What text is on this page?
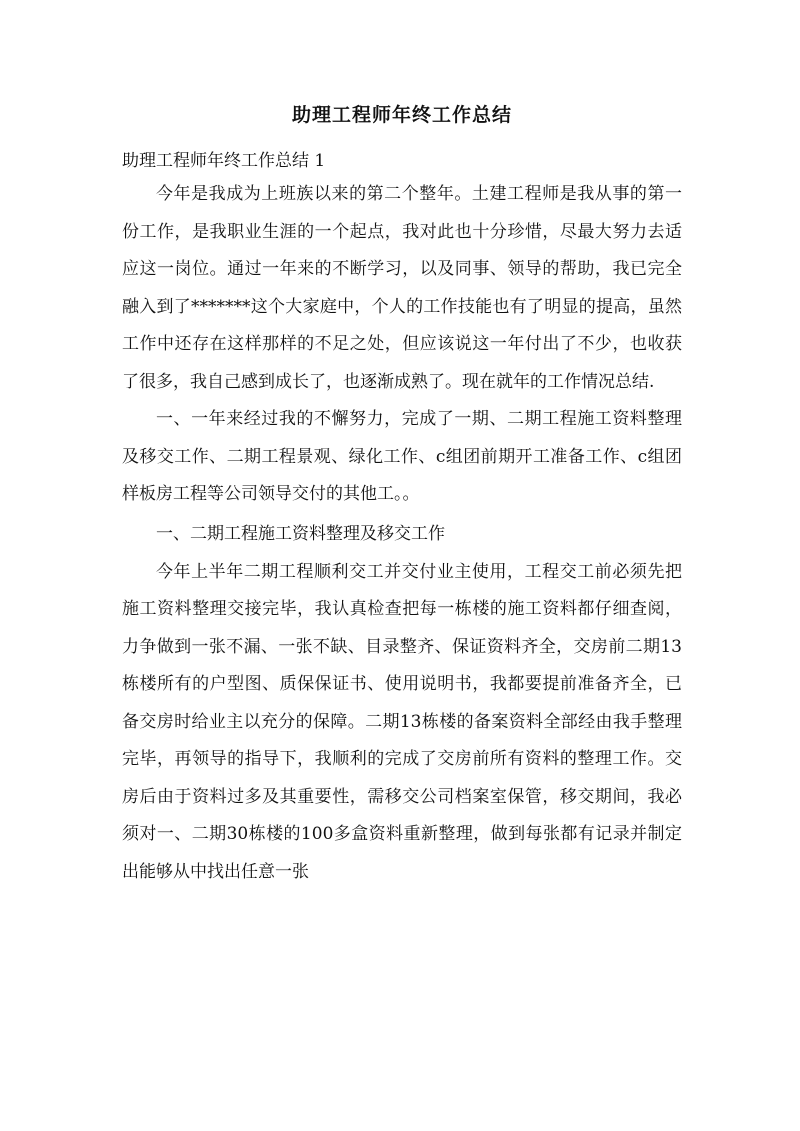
助理工程师年终工作总结

助理工程师年终工作总结 1

今年是我成为上班族以来的第二个整年。土建工程师是我从事的第一份工作，是我职业生涯的一个起点，我对此也十分珍惜，尽最大努力去适应这一岗位。通过一年来的不断学习，以及同事、领导的帮助，我已完全融入到了*******这个大家庭中，个人的工作技能也有了明显的提高，虽然工作中还存在这样那样的不足之处，但应该说这一年付出了不少，也收获了很多，我自己感到成长了，也逐渐成熟了。现在就年的工作情况总结.

一、一年来经过我的不懈努力，完成了一期、二期工程施工资料整理及移交工作、二期工程景观、绿化工作、c组团前期开工准备工作、c组团样板房工程等公司领导交付的其他工。。

一、二期工程施工资料整理及移交工作

今年上半年二期工程顺利交工并交付业主使用，工程交工前必须先把施工资料整理交接完毕，我认真检查把每一栋楼的施工资料都仔细查阅，力争做到一张不漏、一张不缺、目录整齐、保证资料齐全，交房前二期13栋楼所有的户型图、质保保证书、使用说明书，我都要提前准备齐全，已备交房时给业主以充分的保障。二期13栋楼的备案资料全部经由我手整理完毕，再领导的指导下，我顺利的完成了交房前所有资料的整理工作。交房后由于资料过多及其重要性，需移交公司档案室保管，移交期间，我必须对一、二期30栋楼的100多盒资料重新整理，做到每张都有记录并制定出能够从中找出任意一张
